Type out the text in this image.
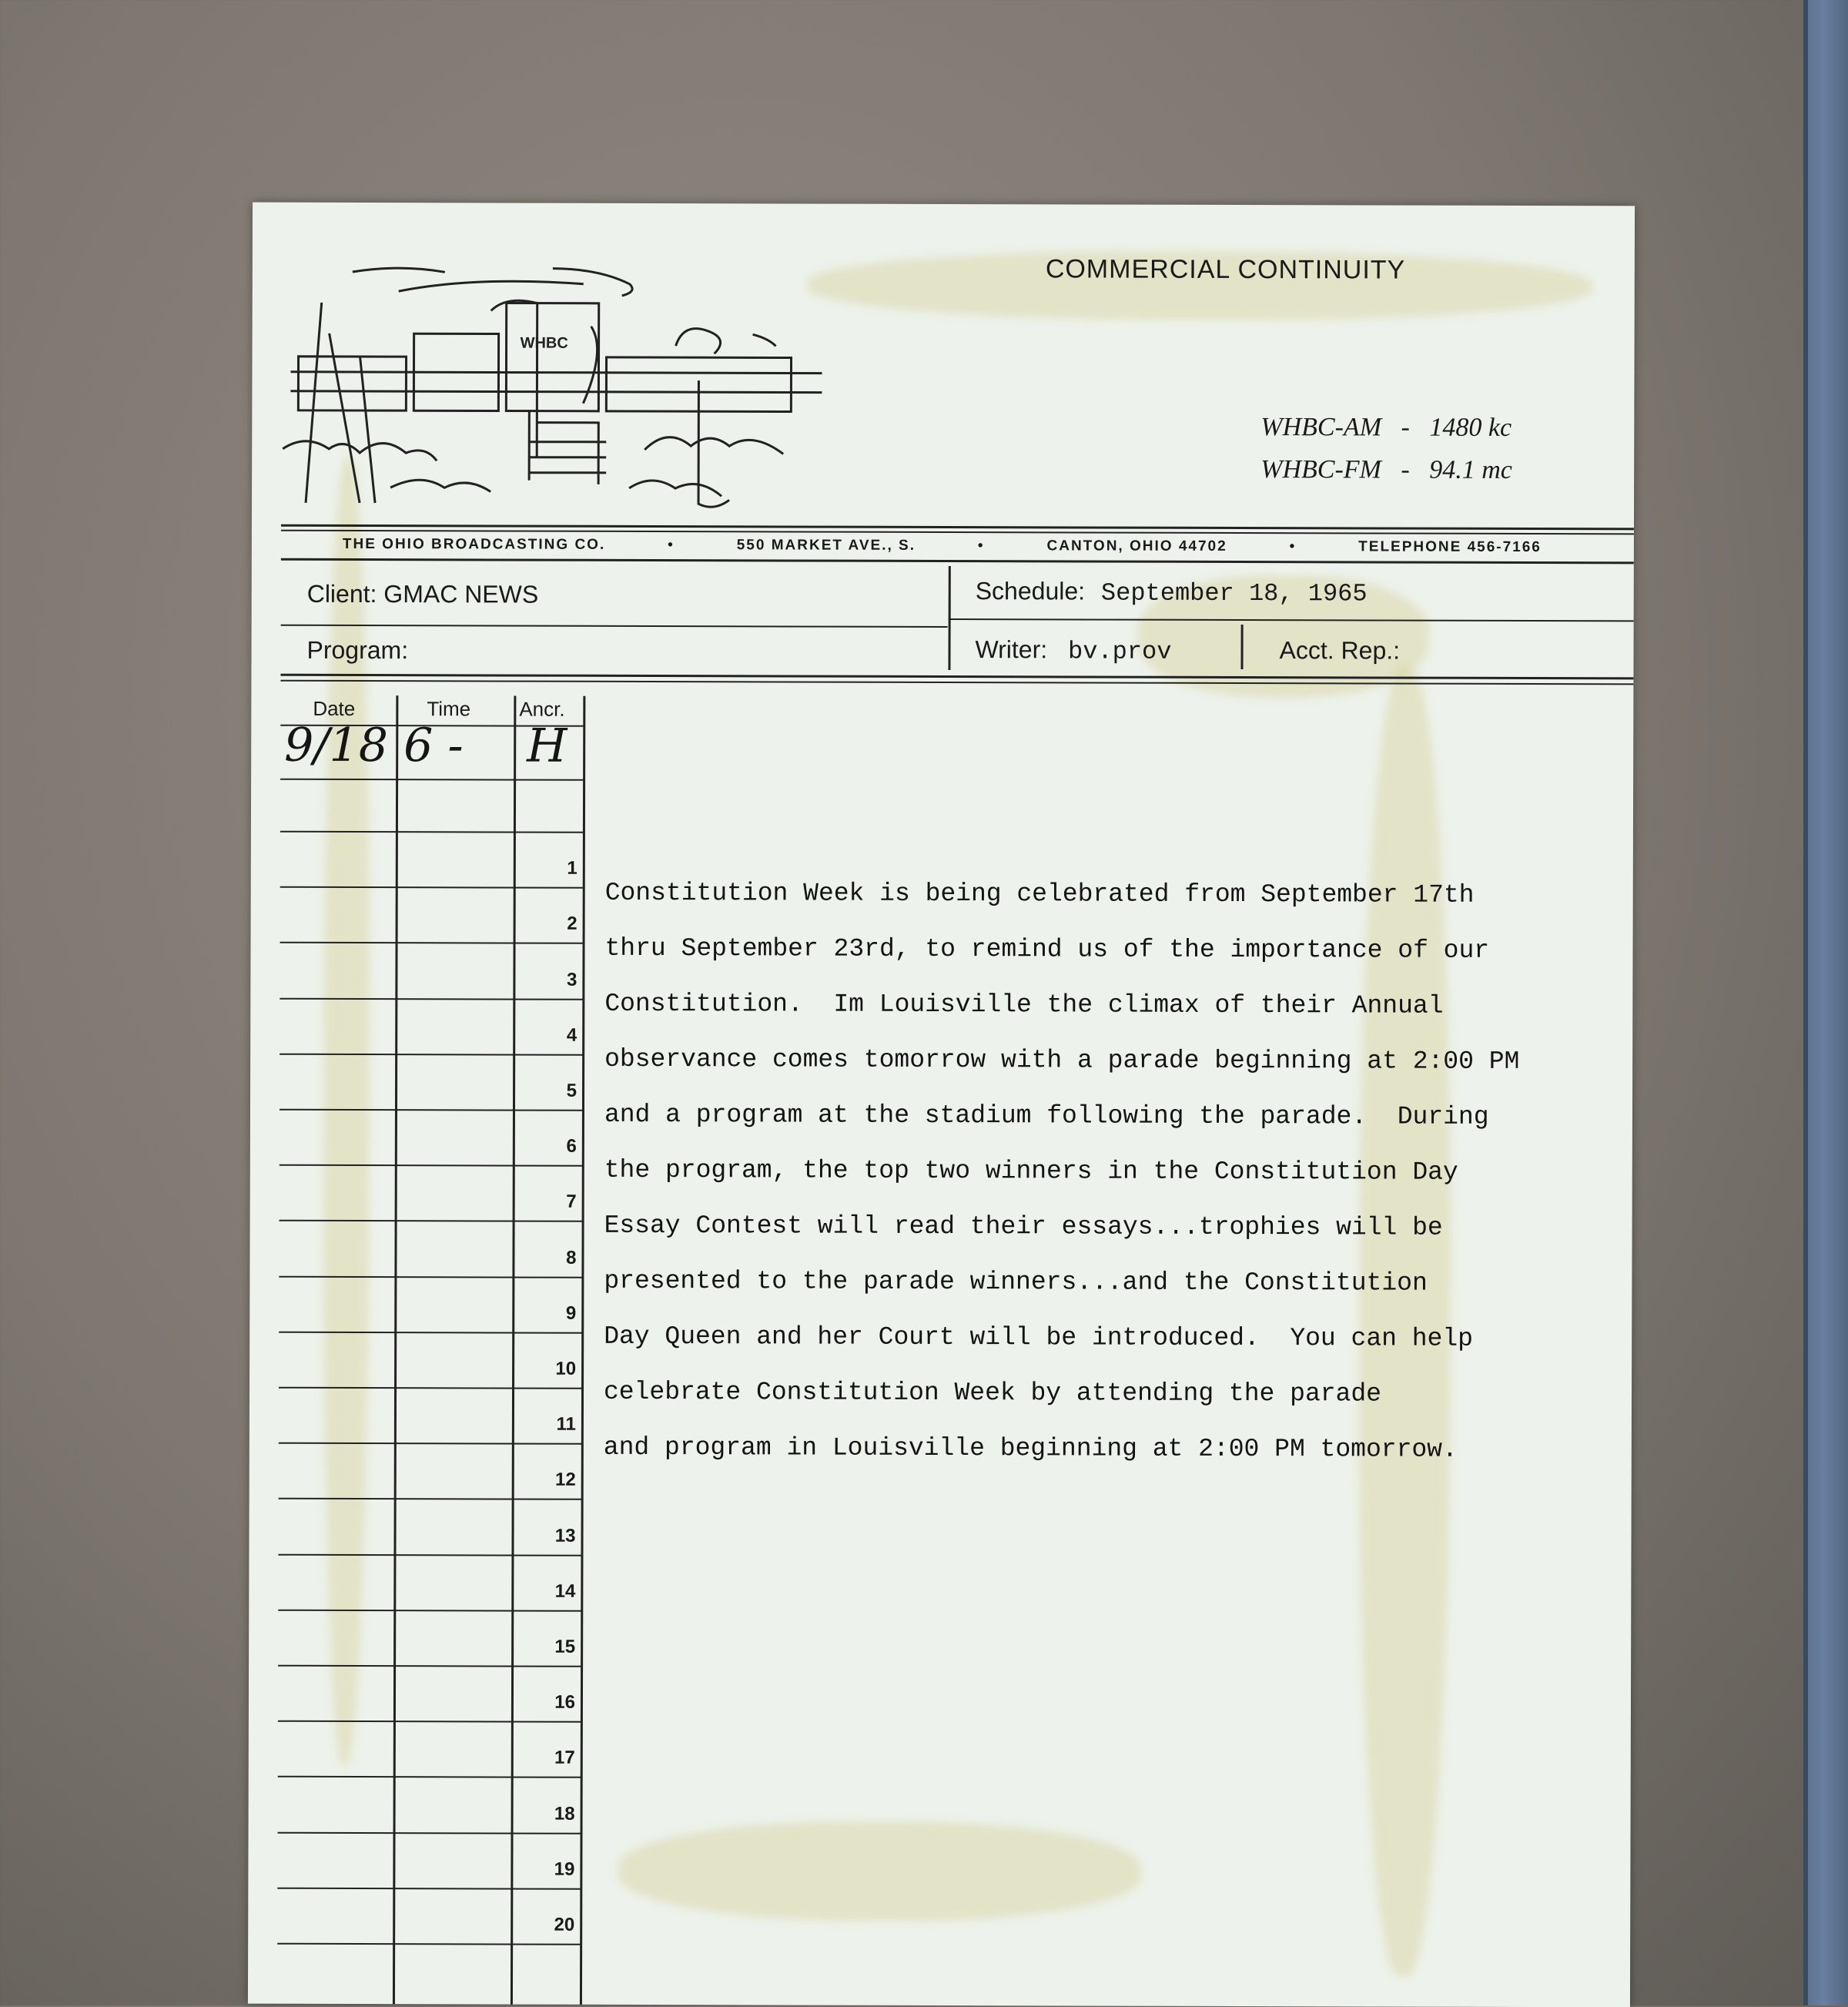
WHBC
COMMERCIAL CONTINUITY
WHBC-AM - 1480 kc
WHBC-FM - 94.1 mc
THE OHIO BROADCASTING CO.	•	550 MARKET AVE., S.	•	CANTON, OHIO 44702	•	TELEPHONE 456-7166
Client: GMAC NEWS	Schedule: September 18, 1965
Program:	Writer: bv.prov	Acct. Rep.:
Date	Time Ancr.
9/18 6 - H
1
2
3
4
5
6
7
8
9
10
11
12
13
14
15
16
17
18
19
20
Constitution Week is being celebrated from September 17th
thru September 23rd, to remind us of the importance of our
Constitution.  Im Louisville the climax of their Annual
observance comes tomorrow with a parade beginning at 2:00 PM
and a program at the stadium following the parade.  During
the program, the top two winners in the Constitution Day
Essay Contest will read their essays...trophies will be
presented to the parade winners...and the Constitution
Day Queen and her Court will be introduced.  You can help
celebrate Constitution Week by attending the parade
and program in Louisville beginning at 2:00 PM tomorrow.
